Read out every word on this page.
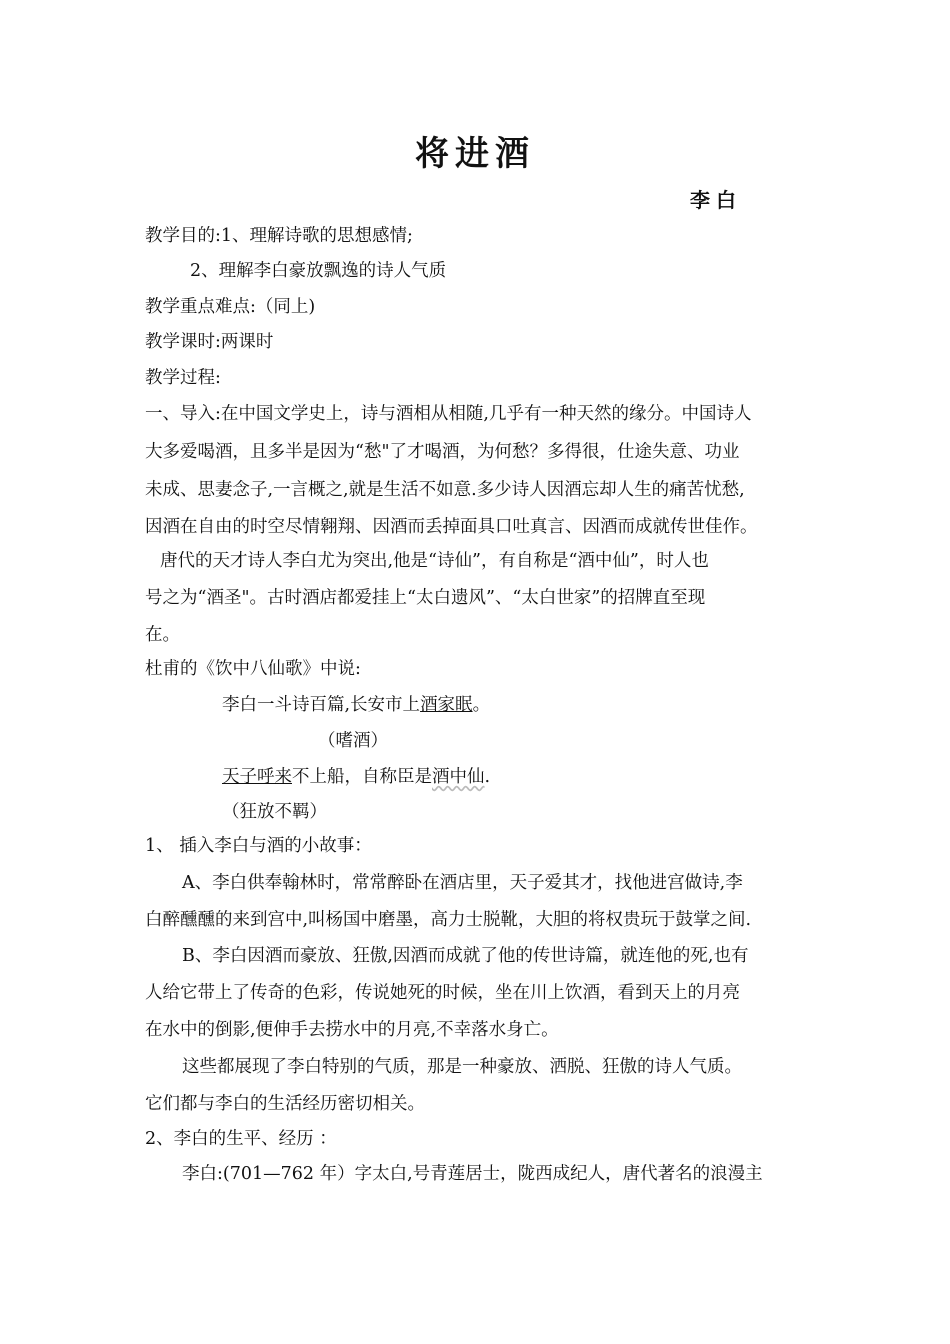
将进酒
李白
教学目的:1、理解诗歌的思想感情;
2、理解李白豪放飘逸的诗人气质
教学重点难点:（同上)
教学课时:两课时
教学过程:
一、导入:在中国文学史上，诗与酒相从相随,几乎有一种天然的缘分。中国诗人
大多爱喝酒，且多半是因为“愁"了才喝酒，为何愁？多得很，仕途失意、功业
未成、思妻念子,一言概之,就是生活不如意.多少诗人因酒忘却人生的痛苦忧愁,
因酒在自由的时空尽情翱翔、因酒而丢掉面具口吐真言、因酒而成就传世佳作。
唐代的天才诗人李白尤为突出,他是“诗仙”，有自称是“酒中仙”，时人也
号之为“酒圣"。古时酒店都爱挂上“太白遗风”、“太白世家”的招牌直至现
在。
杜甫的《饮中八仙歌》中说:
李白一斗诗百篇,长安市上酒家眠。
（嗜酒）
天子呼来不上船，自称臣是酒中仙.
（狂放不羁）
1、 插入李白与酒的小故事：
A、李白供奉翰林时，常常醉卧在酒店里，天子爱其才，找他进宫做诗,李
白醉醺醺的来到宫中,叫杨国中磨墨，高力士脱靴，大胆的将权贵玩于鼓掌之间.
B、李白因酒而豪放、狂傲,因酒而成就了他的传世诗篇，就连他的死,也有
人给它带上了传奇的色彩，传说她死的时候，坐在川上饮酒，看到天上的月亮
在水中的倒影,便伸手去捞水中的月亮,不幸落水身亡。
这些都展现了李白特别的气质，那是一种豪放、洒脱、狂傲的诗人气质。
它们都与李白的生活经历密切相关。
2、李白的生平、经历 ：
李白:(701—762 年）字太白,号青莲居士，陇西成纪人，唐代著名的浪漫主
